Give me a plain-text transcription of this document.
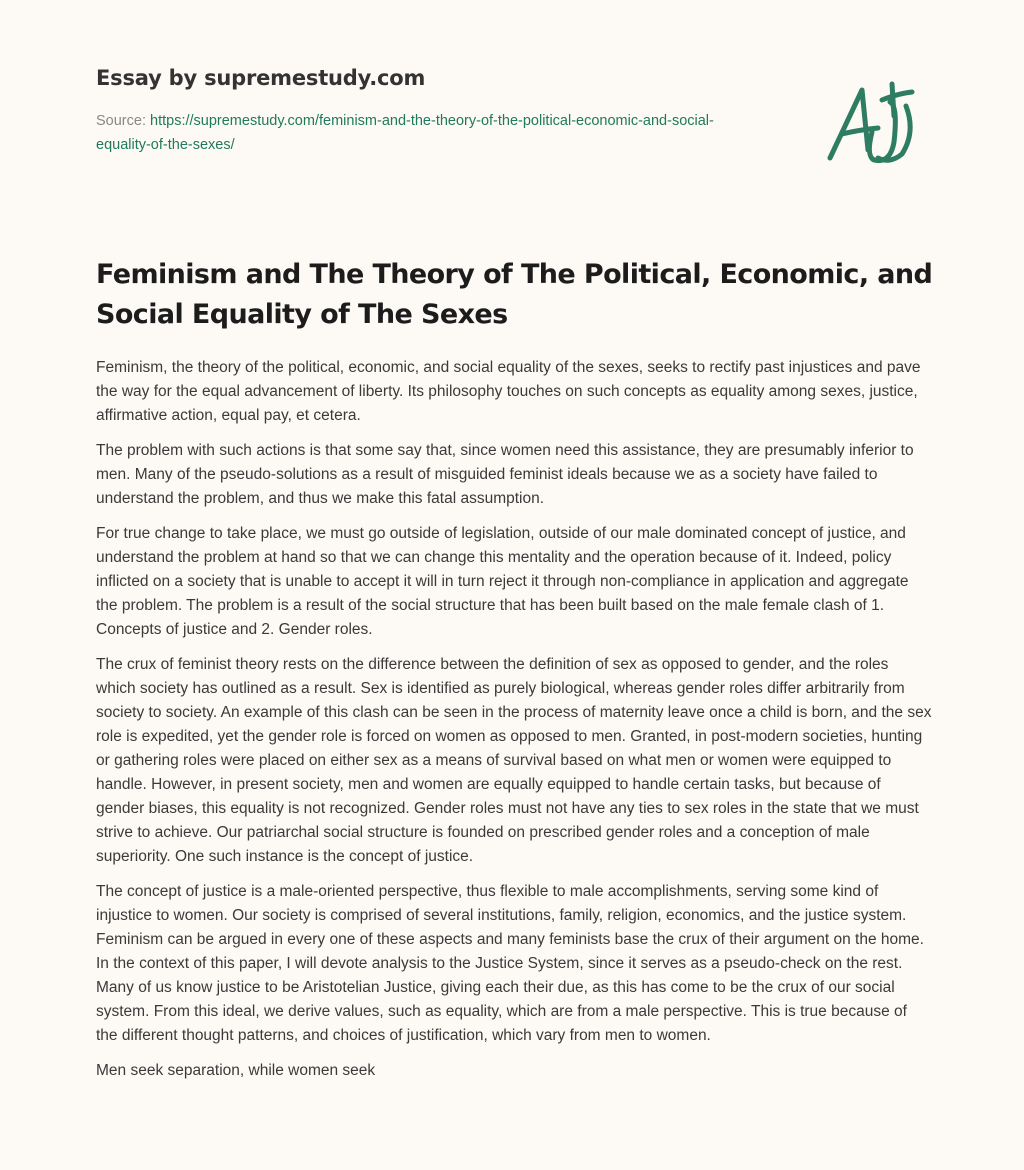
Essay by supremestudy.com
Source: https://supremestudy.com/feminism-and-the-theory-of-the-political-economic-and-social-equality-of-the-sexes/
Feminism and The Theory of The Political, Economic, and Social Equality of The Sexes

Feminism, the theory of the political, economic, and social equality of the sexes, seeks to rectify past injustices and pave the way for the equal advancement of liberty. Its philosophy touches on such concepts as equality among sexes, justice, affirmative action, equal pay, et cetera.

The problem with such actions is that some say that, since women need this assistance, they are presumably inferior to men. Many of the pseudo-solutions as a result of misguided feminist ideals because we as a society have failed to understand the problem, and thus we make this fatal assumption.

For true change to take place, we must go outside of legislation, outside of our male dominated concept of justice, and understand the problem at hand so that we can change this mentality and the operation because of it. Indeed, policy inflicted on a society that is unable to accept it will in turn reject it through non-compliance in application and aggregate the problem. The problem is a result of the social structure that has been built based on the male female clash of 1. Concepts of justice and 2. Gender roles.

The crux of feminist theory rests on the difference between the definition of sex as opposed to gender, and the roles which society has outlined as a result. Sex is identified as purely biological, whereas gender roles differ arbitrarily from society to society. An example of this clash can be seen in the process of maternity leave once a child is born, and the sex role is expedited, yet the gender role is forced on women as opposed to men. Granted, in post-modern societies, hunting or gathering roles were placed on either sex as a means of survival based on what men or women were equipped to handle. However, in present society, men and women are equally equipped to handle certain tasks, but because of gender biases, this equality is not recognized. Gender roles must not have any ties to sex roles in the state that we must strive to achieve. Our patriarchal social structure is founded on prescribed gender roles and a conception of male superiority. One such instance is the concept of justice.

The concept of justice is a male-oriented perspective, thus flexible to male accomplishments, serving some kind of injustice to women. Our society is comprised of several institutions, family, religion, economics, and the justice system. Feminism can be argued in every one of these aspects and many feminists base the crux of their argument on the home. In the context of this paper, I will devote analysis to the Justice System, since it serves as a pseudo-check on the rest. Many of us know justice to be Aristotelian Justice, giving each their due, as this has come to be the crux of our social system. From this ideal, we derive values, such as equality, which are from a male perspective. This is true because of the different thought patterns, and choices of justification, which vary from men to women.

Men seek separation, while women seek
